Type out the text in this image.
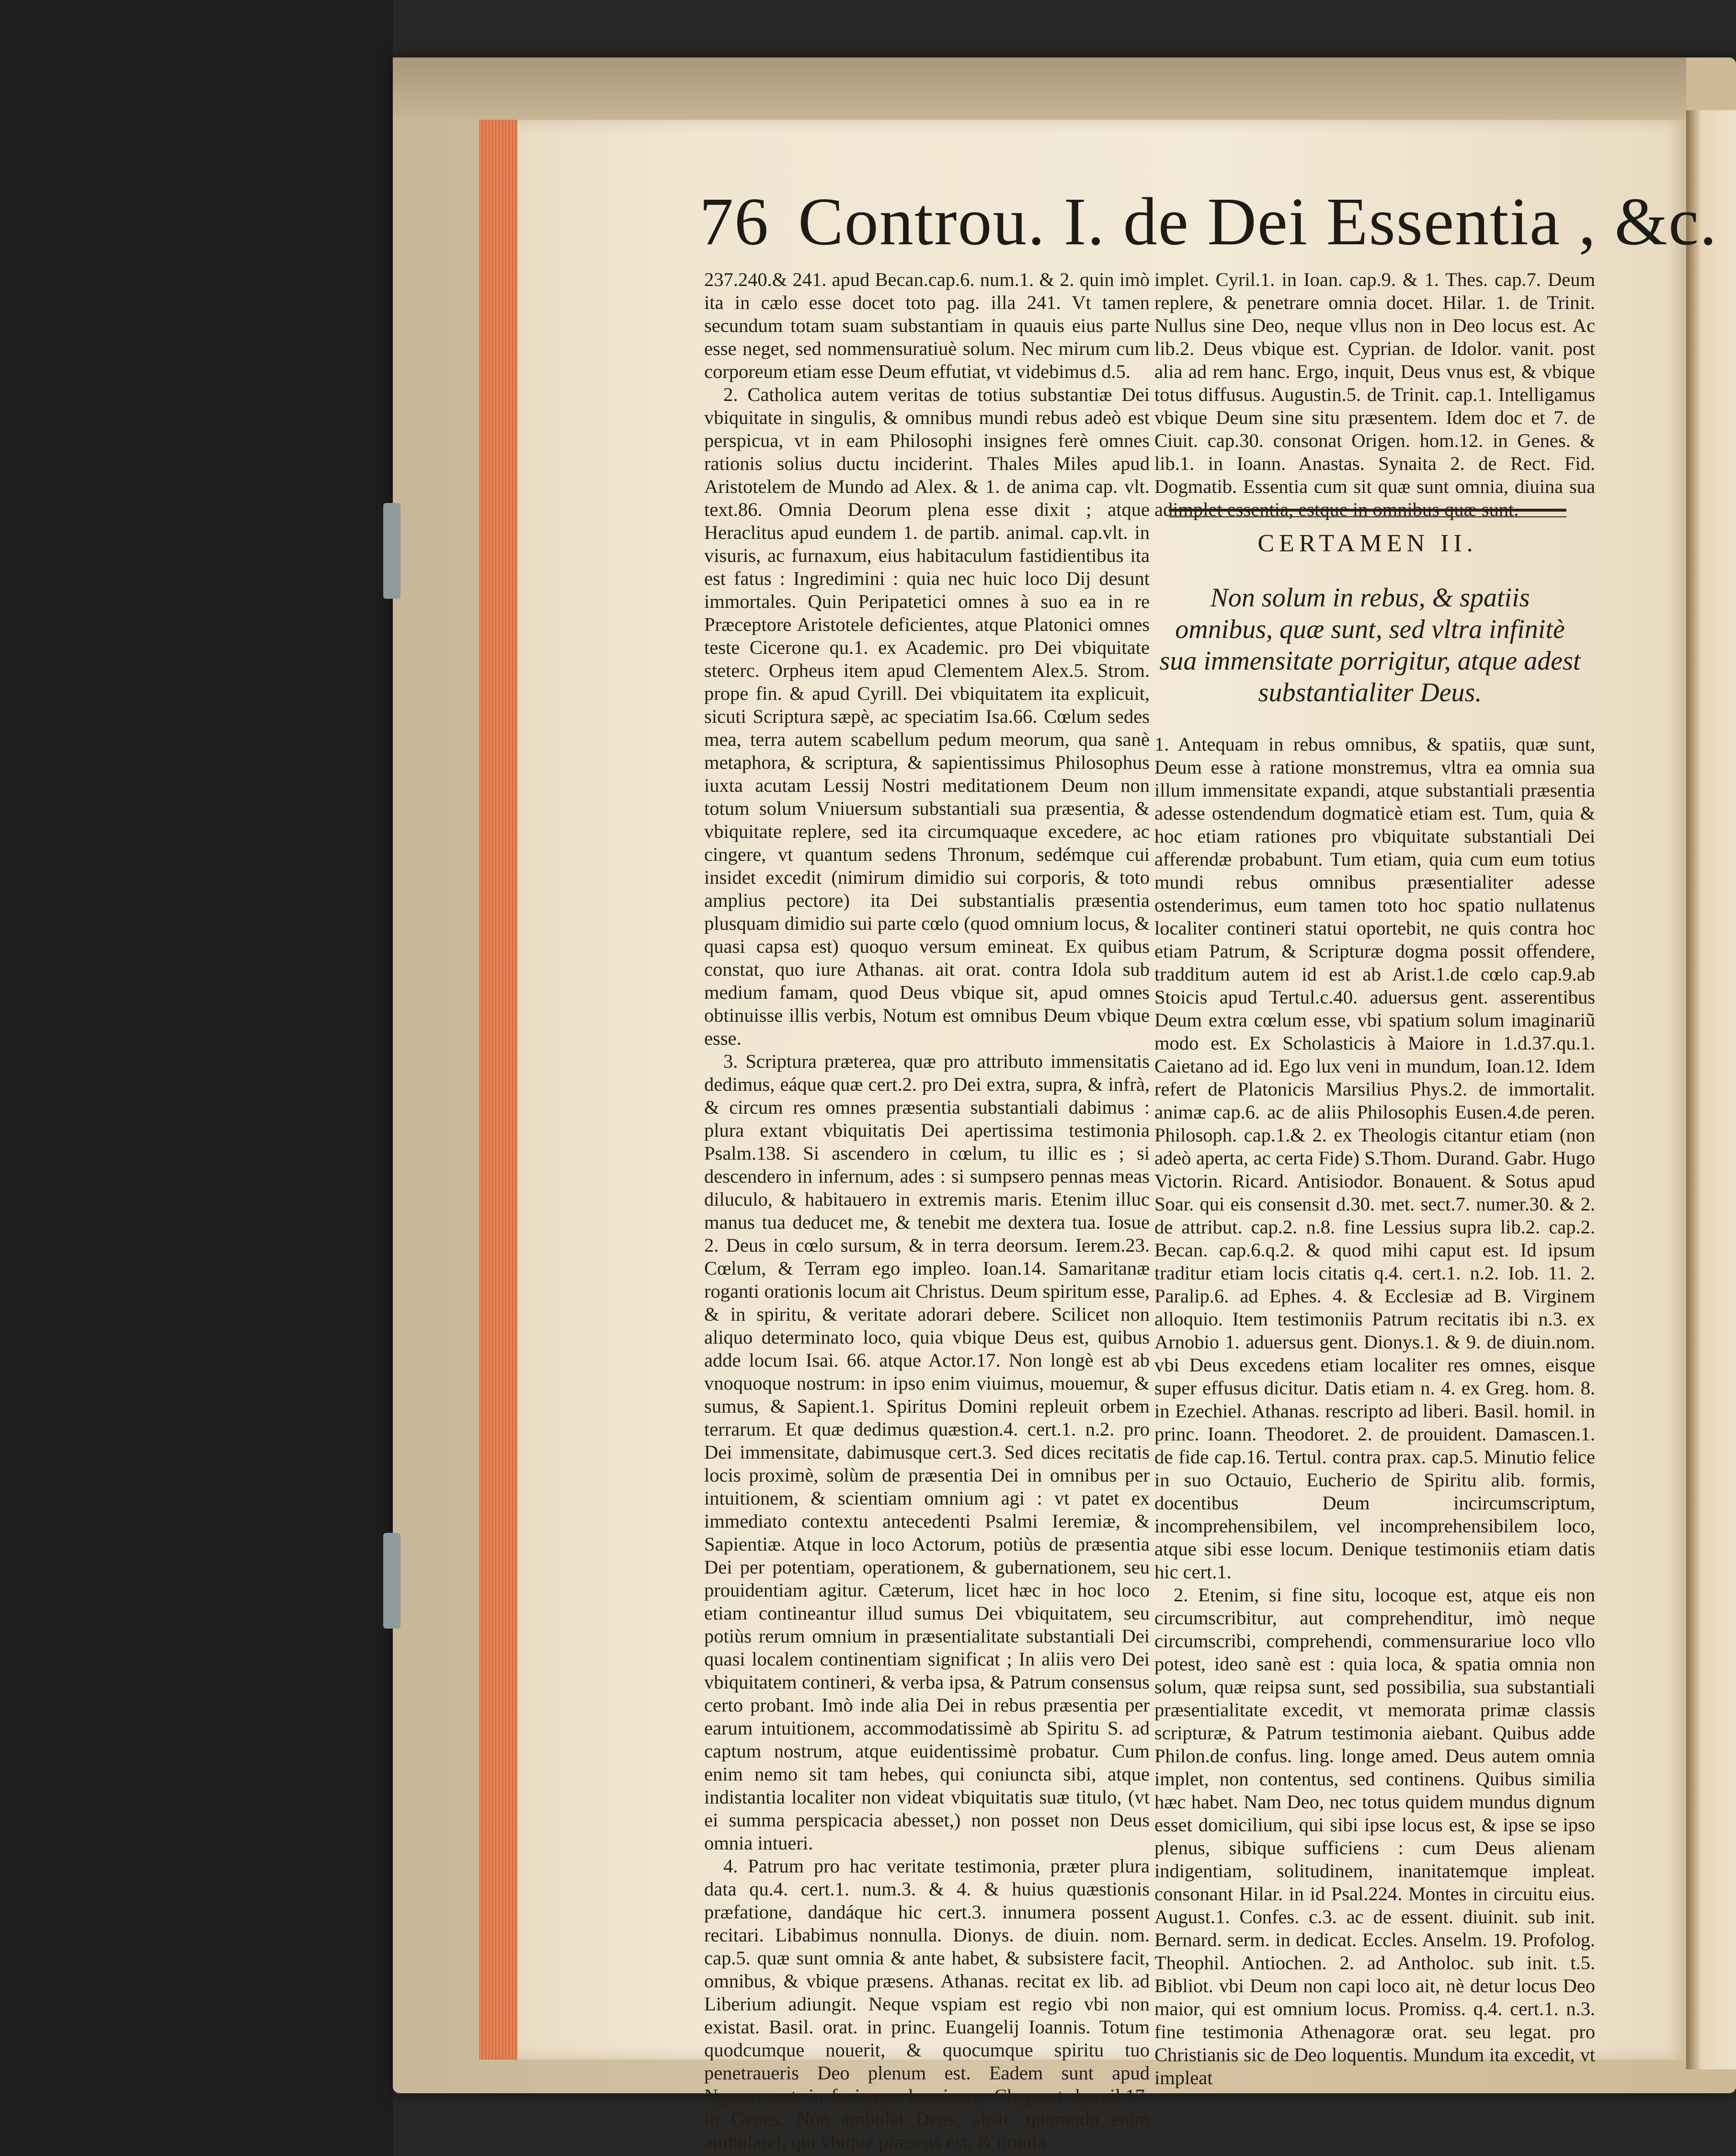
76 Controu. I. de Dei Essentia , &c.

237.240.& 241. apud Becan.cap.6. num.1. & 2. quin imò ita in cælo esse docet toto pag. illa 241. Vt tamen secundum totam suam substantiam in quauis eius parte esse neget, sed nommensuratiuè solum. Nec mirum cum corporeum etiam esse Deum effutiat, vt videbimus d.5.

2. Catholica autem veritas de totius substantiæ Dei vbiquitate in singulis, & omnibus mundi rebus adeò est perspicua, vt in eam Philosophi insignes ferè omnes rationis solius ductu inciderint. Thales Miles apud Aristotelem de Mundo ad Alex. & 1. de anima cap. vlt. text.86. Omnia Deorum plena esse dixit ; atque Heraclitus apud eundem 1. de partib. animal. cap.vlt. in visuris, ac furnaxum, eius habitaculum fastidientibus ita est fatus : Ingredimini : quia nec huic loco Dij desunt immortales. Quin Peripatetici omnes à suo ea in re Præceptore Aristotele deficientes, atque Platonici omnes teste Cicerone qu.1. ex Academic. pro Dei vbiquitate steterc. Orpheus item apud Clementem Alex.5. Strom. prope fin. & apud Cyrill. Dei vbiquitatem ita explicuit, sicuti Scriptura sæpè, ac speciatim Isa.66. Cœlum sedes mea, terra autem scabellum pedum meorum, qua sanè metaphora, & scriptura, & sapientissimus Philosophus iuxta acutam Lessij Nostri meditationem Deum non totum solum Vniuersum substantiali sua præsentia, & vbiquitate replere, sed ita circumquaque excedere, ac cingere, vt quantum sedens Thronum, sedémque cui insidet excedit (nimirum dimidio sui corporis, & toto amplius pectore) ita Dei substantialis præsentia plusquam dimidio sui parte cœlo (quod omnium locus, & quasi capsa est) quoquo versum emineat. Ex quibus constat, quo iure Athanas. ait orat. contra Idola sub medium famam, quod Deus vbique sit, apud omnes obtinuisse illis verbis, Notum est omnibus Deum vbique esse.

3. Scriptura præterea, quæ pro attributo immensitatis dedimus, eáque quæ cert.2. pro Dei extra, supra, & infrà, & circum res omnes præsentia substantiali dabimus : plura extant vbiquitatis Dei apertissima testimonia Psalm.138. Si ascendero in cœlum, tu illic es ; si descendero in infernum, ades : si sumpsero pennas meas diluculo, & habitauero in extremis maris. Etenim illuc manus tua deducet me, & tenebit me dextera tua. Iosue 2. Deus in cœlo sursum, & in terra deorsum. Ierem.23. Cœlum, & Terram ego impleo. Ioan.14. Samaritanæ roganti orationis locum ait Christus. Deum spiritum esse, & in spiritu, & veritate adorari debere. Scilicet non aliquo determinato loco, quia vbique Deus est, quibus adde locum Isai. 66. atque Actor.17. Non longè est ab vnoquoque nostrum: in ipso enim viuimus, mouemur, & sumus, & Sapient.1. Spiritus Domini repleuit orbem terrarum. Et quæ dedimus quæstion.4. cert.1. n.2. pro Dei immensitate, dabimusque cert.3. Sed dices recitatis locis proximè, solùm de præsentia Dei in omnibus per intuitionem, & scientiam omnium agi : vt patet ex immediato contextu antecedenti Psalmi Ieremiæ, & Sapientiæ. Atque in loco Actorum, potiùs de præsentia Dei per potentiam, operationem, & gubernationem, seu prouidentiam agitur. Cæterum, licet hæc in hoc loco etiam contineantur illud sumus Dei vbiquitatem, seu potiùs rerum omnium in præsentialitate substantiali Dei quasi localem continentiam significat ; In aliis vero Dei vbiquitatem contineri, & verba ipsa, & Patrum consensus certo probant. Imò inde alia Dei in rebus præsentia per earum intuitionem, accommodatissimè ab Spiritu S. ad captum nostrum, atque euidentissimè probatur. Cum enim nemo sit tam hebes, qui coniuncta sibi, atque indistantia localiter non videat vbiquitatis suæ titulo, (vt ei summa perspicacia abesset,) non posset non Deus omnia intueri.

4. Patrum pro hac veritate testimonia, præter plura data qu.4. cert.1. num.3. & 4. & huius quæstionis præfatione, dandáque hic cert.3. innumera possent recitari. Libabimus nonnulla. Dionys. de diuin. nom. cap.5. quæ sunt omnia & ante habet, & subsistere facit, omnibus, & vbique præsens. Athanas. recitat ex lib. ad Liberium adiungit. Neque vspiam est regio vbi non existat. Basil. orat. in princ. Euangelij Ioannis. Totum quodcumque nouerit, & quocumque spiritu tuo penetraueris Deo plenum est. Eadem sunt apud Nyssen.orat. in faciamus hominem. Chrysost. homil.17. in Genes. Non ambulat Deus, absit: quomodo enim ambularet, qui vbique præsens est, & omnia

implet. Cyril.1. in Ioan. cap.9. & 1. Thes. cap.7. Deum replere, & penetrare omnia docet. Hilar. 1. de Trinit. Nullus sine Deo, neque vllus non in Deo locus est. Ac lib.2. Deus vbique est. Cyprian. de Idolor. vanit. post alia ad rem hanc. Ergo, inquit, Deus vnus est, & vbique totus diffusus. Augustin.5. de Trinit. cap.1. Intelligamus vbique Deum sine situ præsentem. Idem doc et 7. de Ciuit. cap.30. consonat Origen. hom.12. in Genes. & lib.1. in Ioann. Anastas. Synaita 2. de Rect. Fid. Dogmatib. Essentia cum sit quæ sunt omnia, diuina sua adimplet essentia, estque in omnibus quæ sunt.

CERTAMEN II.
Non solum in rebus, & spatiis omnibus, quæ sunt, sed vltra infinitè sua immensitate porrigitur, atque adest substantialiter Deus.

1. Antequam in rebus omnibus, & spatiis, quæ sunt, Deum esse à ratione monstremus, vltra ea omnia sua illum immensitate expandi, atque substantiali præsentia adesse ostendendum dogmaticè etiam est. Tum, quia & hoc etiam rationes pro vbiquitate substantiali Dei afferendæ probabunt. Tum etiam, quia cum eum totius mundi rebus omnibus præsentialiter adesse ostenderimus, eum tamen toto hoc spatio nullatenus localiter contineri statui oportebit, ne quis contra hoc etiam Patrum, & Scripturæ dogma possit offendere, tradditum autem id est ab Arist.1.de cœlo cap.9.ab Stoicis apud Tertul.c.40. aduersus gent. asserentibus Deum extra cœlum esse, vbi spatium solum imaginariũ modo est. Ex Scholasticis à Maiore in 1.d.37.qu.1. Caietano ad id. Ego lux veni in mundum, Ioan.12. Idem refert de Platonicis Marsilius Phys.2. de immortalit. animæ cap.6. ac de aliis Philosophis Eusen.4.de peren. Philosoph. cap.1.& 2. ex Theologis citantur etiam (non adeò aperta, ac certa Fide) S.Thom. Durand. Gabr. Hugo Victorin. Ricard. Antisiodor. Bonauent. & Sotus apud Soar. qui eis consensit d.30. met. sect.7. numer.30. & 2. de attribut. cap.2. n.8. fine Lessius supra lib.2. cap.2. Becan. cap.6.q.2. & quod mihi caput est. Id ipsum traditur etiam locis citatis q.4. cert.1. n.2. Iob. 11. 2. Paralip.6. ad Ephes. 4. & Ecclesiæ ad B. Virginem alloquio. Item testimoniis Patrum recitatis ibi n.3. ex Arnobio 1. aduersus gent. Dionys.1. & 9. de diuin.nom. vbi Deus excedens etiam localiter res omnes, eisque super effusus dicitur. Datis etiam n. 4. ex Greg. hom. 8. in Ezechiel. Athanas. rescripto ad liberi. Basil. homil. in princ. Ioann. Theodoret. 2. de prouident. Damascen.1. de fide cap.16. Tertul. contra prax. cap.5. Minutio felice in suo Octauio, Eucherio de Spiritu alib. formis, docentibus Deum incircumscriptum, incomprehensibilem, vel incomprehensibilem loco, atque sibi esse locum. Denique testimoniis etiam datis hic cert.1.

2. Etenim, si fine situ, locoque est, atque eis non circumscribitur, aut comprehenditur, imò neque circumscribi, comprehendi, commensurariue loco vllo potest, ideo sanè est : quia loca, & spatia omnia non solum, quæ reipsa sunt, sed possibilia, sua substantiali præsentialitate excedit, vt memorata primæ classis scripturæ, & Patrum testimonia aiebant. Quibus adde Philon.de confus. ling. longe amed. Deus autem omnia implet, non contentus, sed continens. Quibus similia hæc habet. Nam Deo, nec totus quidem mundus dignum esset domicilium, qui sibi ipse locus est, & ipse se ipso plenus, sibique sufficiens : cum Deus alienam indigentiam, solitudinem, inanitatemque impleat. consonant Hilar. in id Psal.224. Montes in circuitu eius. August.1. Confes. c.3. ac de essent. diuinit. sub init. Bernard. serm. in dedicat. Eccles. Anselm. 19. Profolog. Theophil. Antiochen. 2. ad Antholoc. sub init. t.5. Bibliot. vbi Deum non capi loco ait, nè detur locus Deo maior, qui est omnium locus. Promiss. q.4. cert.1. n.3. fine testimonia Athenagoræ orat. seu legat. pro Christianis sic de Deo loquentis. Mundum ita excedit, vt impleat
